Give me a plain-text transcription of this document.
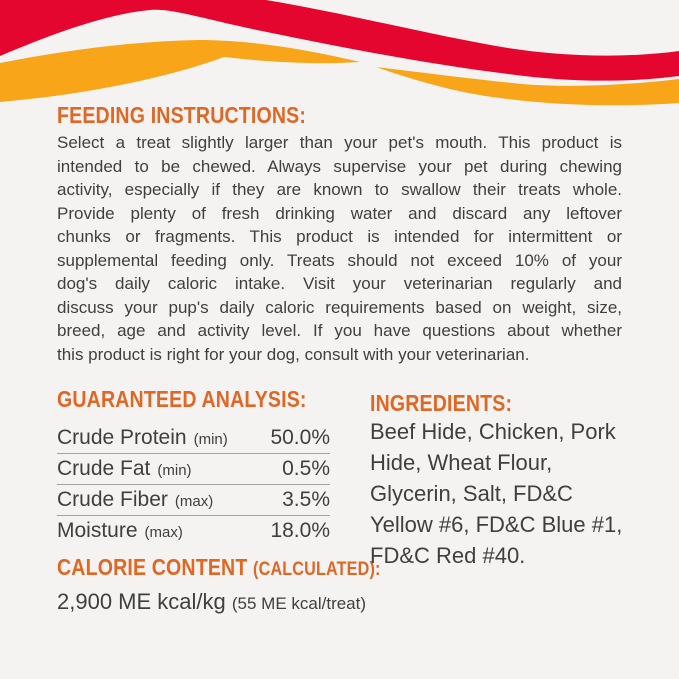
FEEDING INSTRUCTIONS:
Select a treat slightly larger than your pet's mouth. This product is
intended to be chewed. Always supervise your pet during chewing
activity, especially if they are known to swallow their treats whole.
Provide plenty of fresh drinking water and discard any leftover
chunks or fragments. This product is intended for intermittent or
supplemental feeding only. Treats should not exceed 10% of your
dog's daily caloric intake. Visit your veterinarian regularly and
discuss your pup's daily caloric requirements based on weight, size,
breed, age and activity level. If you have questions about whether
this product is right for your dog, consult with your veterinarian.
GUARANTEED ANALYSIS:
Crude Protein (min) 50.0%
Crude Fat (min)	0.5%
Crude Fiber (max)	3.5%
Moisture (max)	18.0%
CALORIE CONTENT (CALCULATED):
2,900 ME kcal/kg (55 ME kcal/treat)
INGREDIENTS:
Beef Hide, Chicken, Pork
Hide, Wheat Flour,
Glycerin, Salt, FD&C
Yellow #6, FD&C Blue #1,
FD&C Red #40.
